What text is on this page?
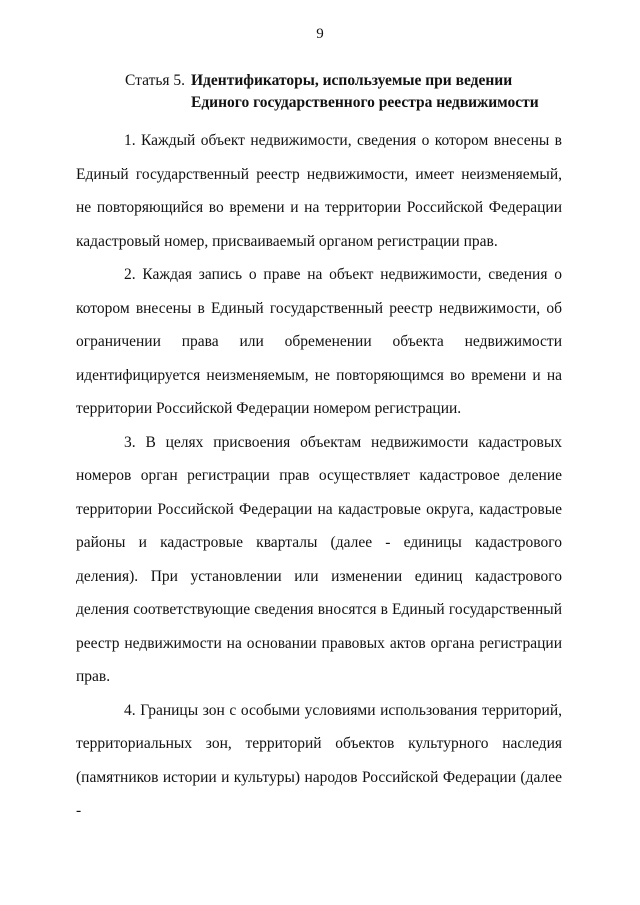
9
Статья 5. Идентификаторы, используемые при ведении Единого государственного реестра недвижимости

1. Каждый объект недвижимости, сведения о котором внесены в Единый государственный реестр недвижимости, имеет неизменяемый, не повторяющийся во времени и на территории Российской Федерации кадастровый номер, присваиваемый органом регистрации прав.

2. Каждая запись о праве на объект недвижимости, сведения о котором внесены в Единый государственный реестр недвижимости, об ограничении права или обременении объекта недвижимости идентифицируется неизменяемым, не повторяющимся во времени и на территории Российской Федерации номером регистрации.

3. В целях присвоения объектам недвижимости кадастровых номеров орган регистрации прав осуществляет кадастровое деление территории Российской Федерации на кадастровые округа, кадастровые районы и кадастровые кварталы (далее - единицы кадастрового деления). При установлении или изменении единиц кадастрового деления соответствующие сведения вносятся в Единый государственный реестр недвижимости на основании правовых актов органа регистрации прав.

4. Границы зон с особыми условиями использования территорий, территориальных зон, территорий объектов культурного наследия (памятников истории и культуры) народов Российской Федерации (далее -
